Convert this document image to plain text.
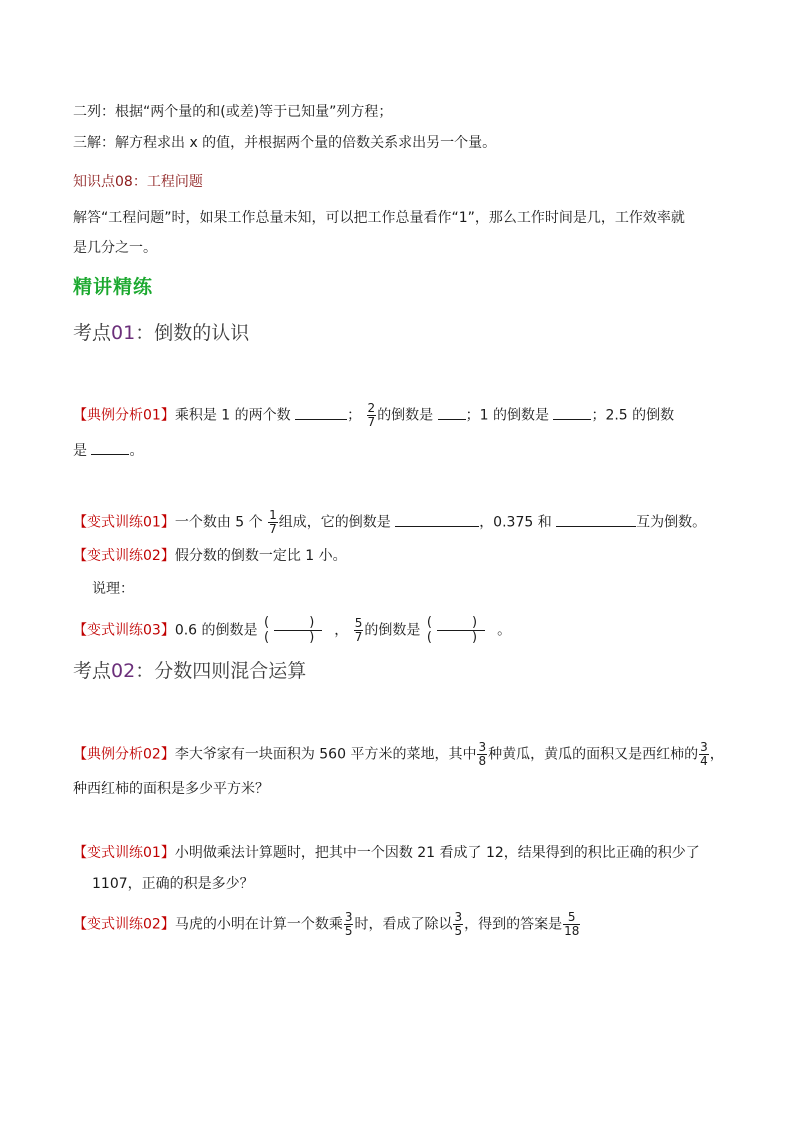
二列：根据“两个量的和(或差)等于已知量”列方程；
三解：解方程求出 x 的值，并根据两个量的倍数关系求出另一个量。
知识点08：工程问题
解答“工程问题”时，如果工作总量未知，可以把工作总量看作“1”，那么工作时间是几，工作效率就
是几分之一。
精讲精练
考点01：倒数的认识
【典例分析01】乘积是 1 的两个数	； $\frac{2}{7}$ 的倒数是 ；1 的倒数是	；2.5 的倒数
是	。
【变式训练01】一个数由 5 个 $\frac{1}{7}$ 组成，它的倒数是	，0.375 和	互为倒数。
【变式训练02】假分数的倒数一定比 1 小。
说理：
【变式训练03】0.6 的倒数是 ( )
( ) ， $\frac{5}{7}$ 的倒数是 ( )
( ) 。
考点02：分数四则混合运算
【典例分析02】李大爷家有一块面积为 560 平方米的菜地，其中 $\frac{3}{8}$ 种黄瓜，黄瓜的面积又是西红柿的 $\frac{3}{4}$ ，
种西红柿的面积是多少平方米？
【变式训练01】小明做乘法计算题时，把其中一个因数 21 看成了 12，结果得到的积比正确的积少了
1107，正确的积是多少？
【变式训练02】马虎的小明在计算一个数乘 $\frac{3}{5}$ 时，看成了除以 $\frac{3}{5}$ ，得到的答案是 $\frac{5}{18}$
